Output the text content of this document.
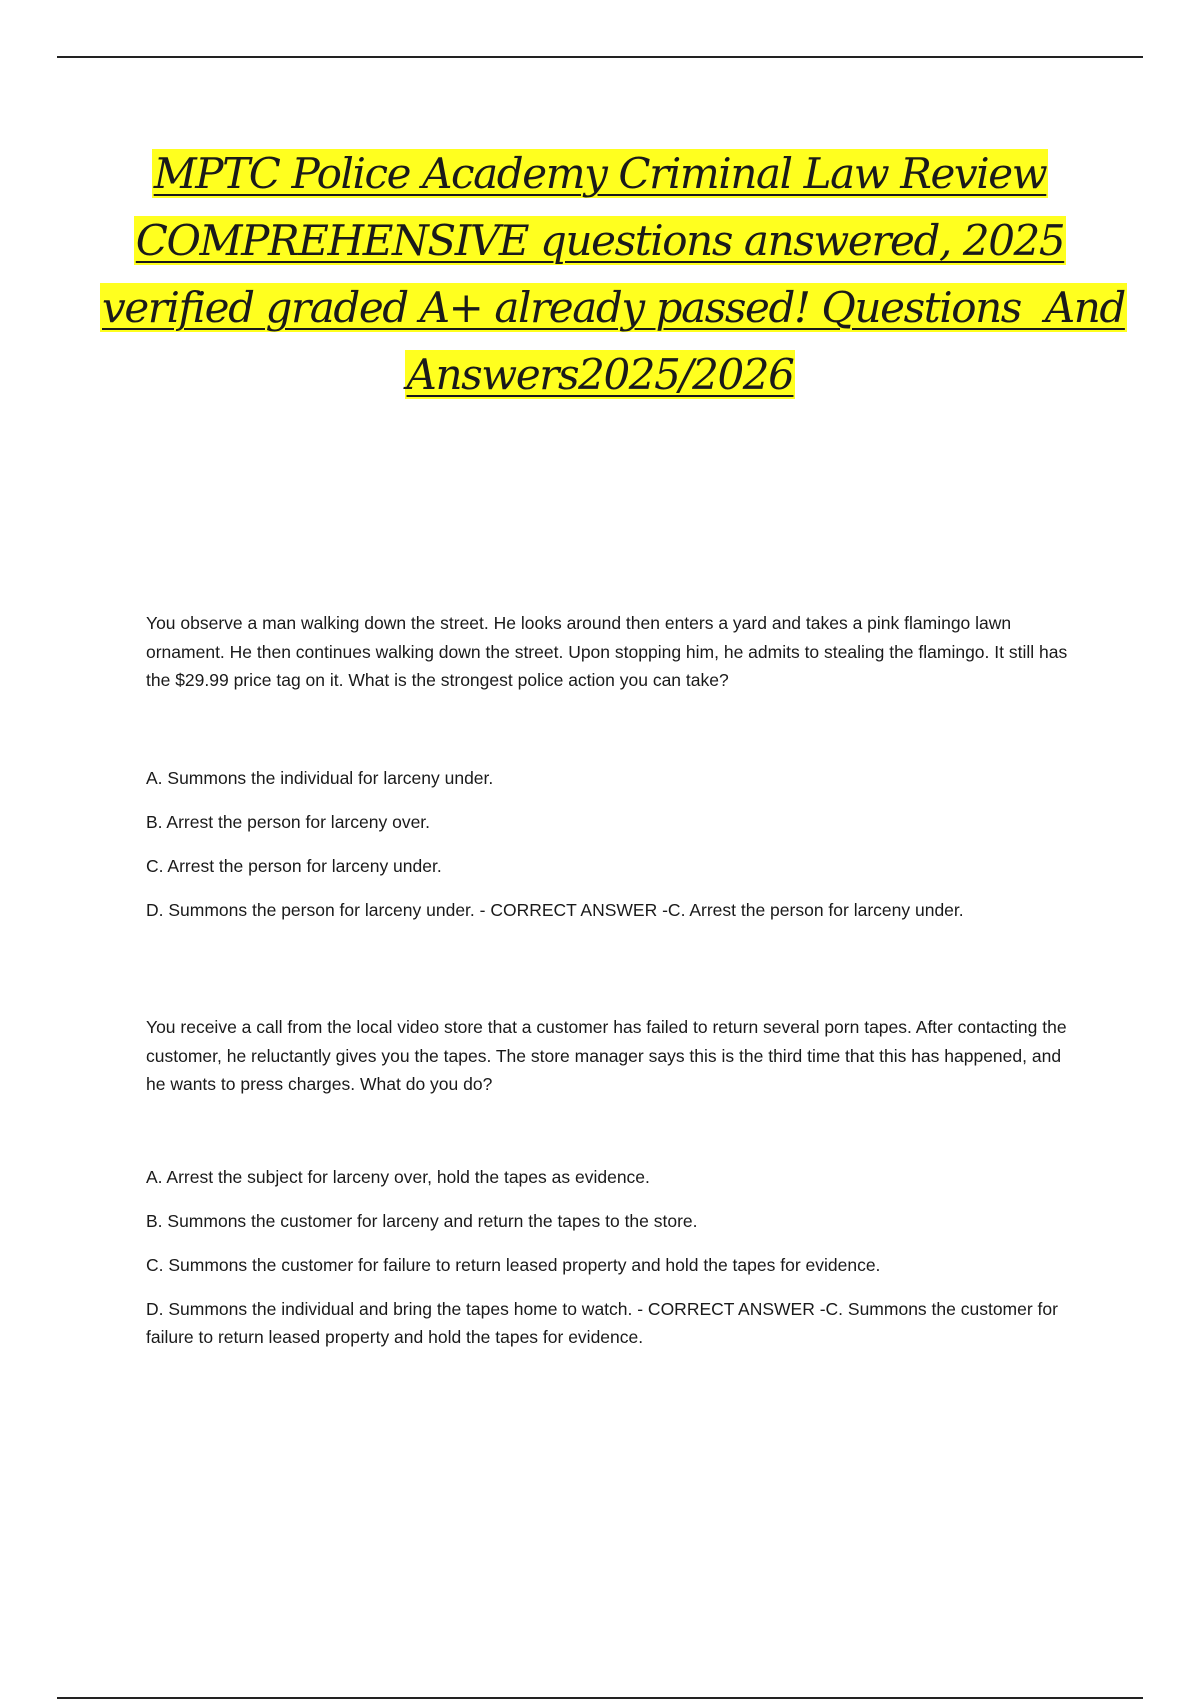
MPTC Police Academy Criminal Law Review

COMPREHENSIVE questions answered, 2025

verified graded A+ already passed! Questions  And

Answers2025/2026

You observe a man walking down the street. He looks around then enters a yard and takes a pink flamingo lawn ornament. He then continues walking down the street. Upon stopping him, he admits to stealing the flamingo. It still has the $29.99 price tag on it. What is the strongest police action you can take?

A. Summons the individual for larceny under.

B. Arrest the person for larceny over.

C. Arrest the person for larceny under.

D. Summons the person for larceny under. - CORRECT ANSWER -C. Arrest the person for larceny under.

You receive a call from the local video store that a customer has failed to return several porn tapes. After contacting the customer, he reluctantly gives you the tapes. The store manager says this is the third time that this has happened, and he wants to press charges. What do you do?

A. Arrest the subject for larceny over, hold the tapes as evidence.

B. Summons the customer for larceny and return the tapes to the store.

C. Summons the customer for failure to return leased property and hold the tapes for evidence.

D. Summons the individual and bring the tapes home to watch. - CORRECT ANSWER -C. Summons the customer for failure to return leased property and hold the tapes for evidence.
